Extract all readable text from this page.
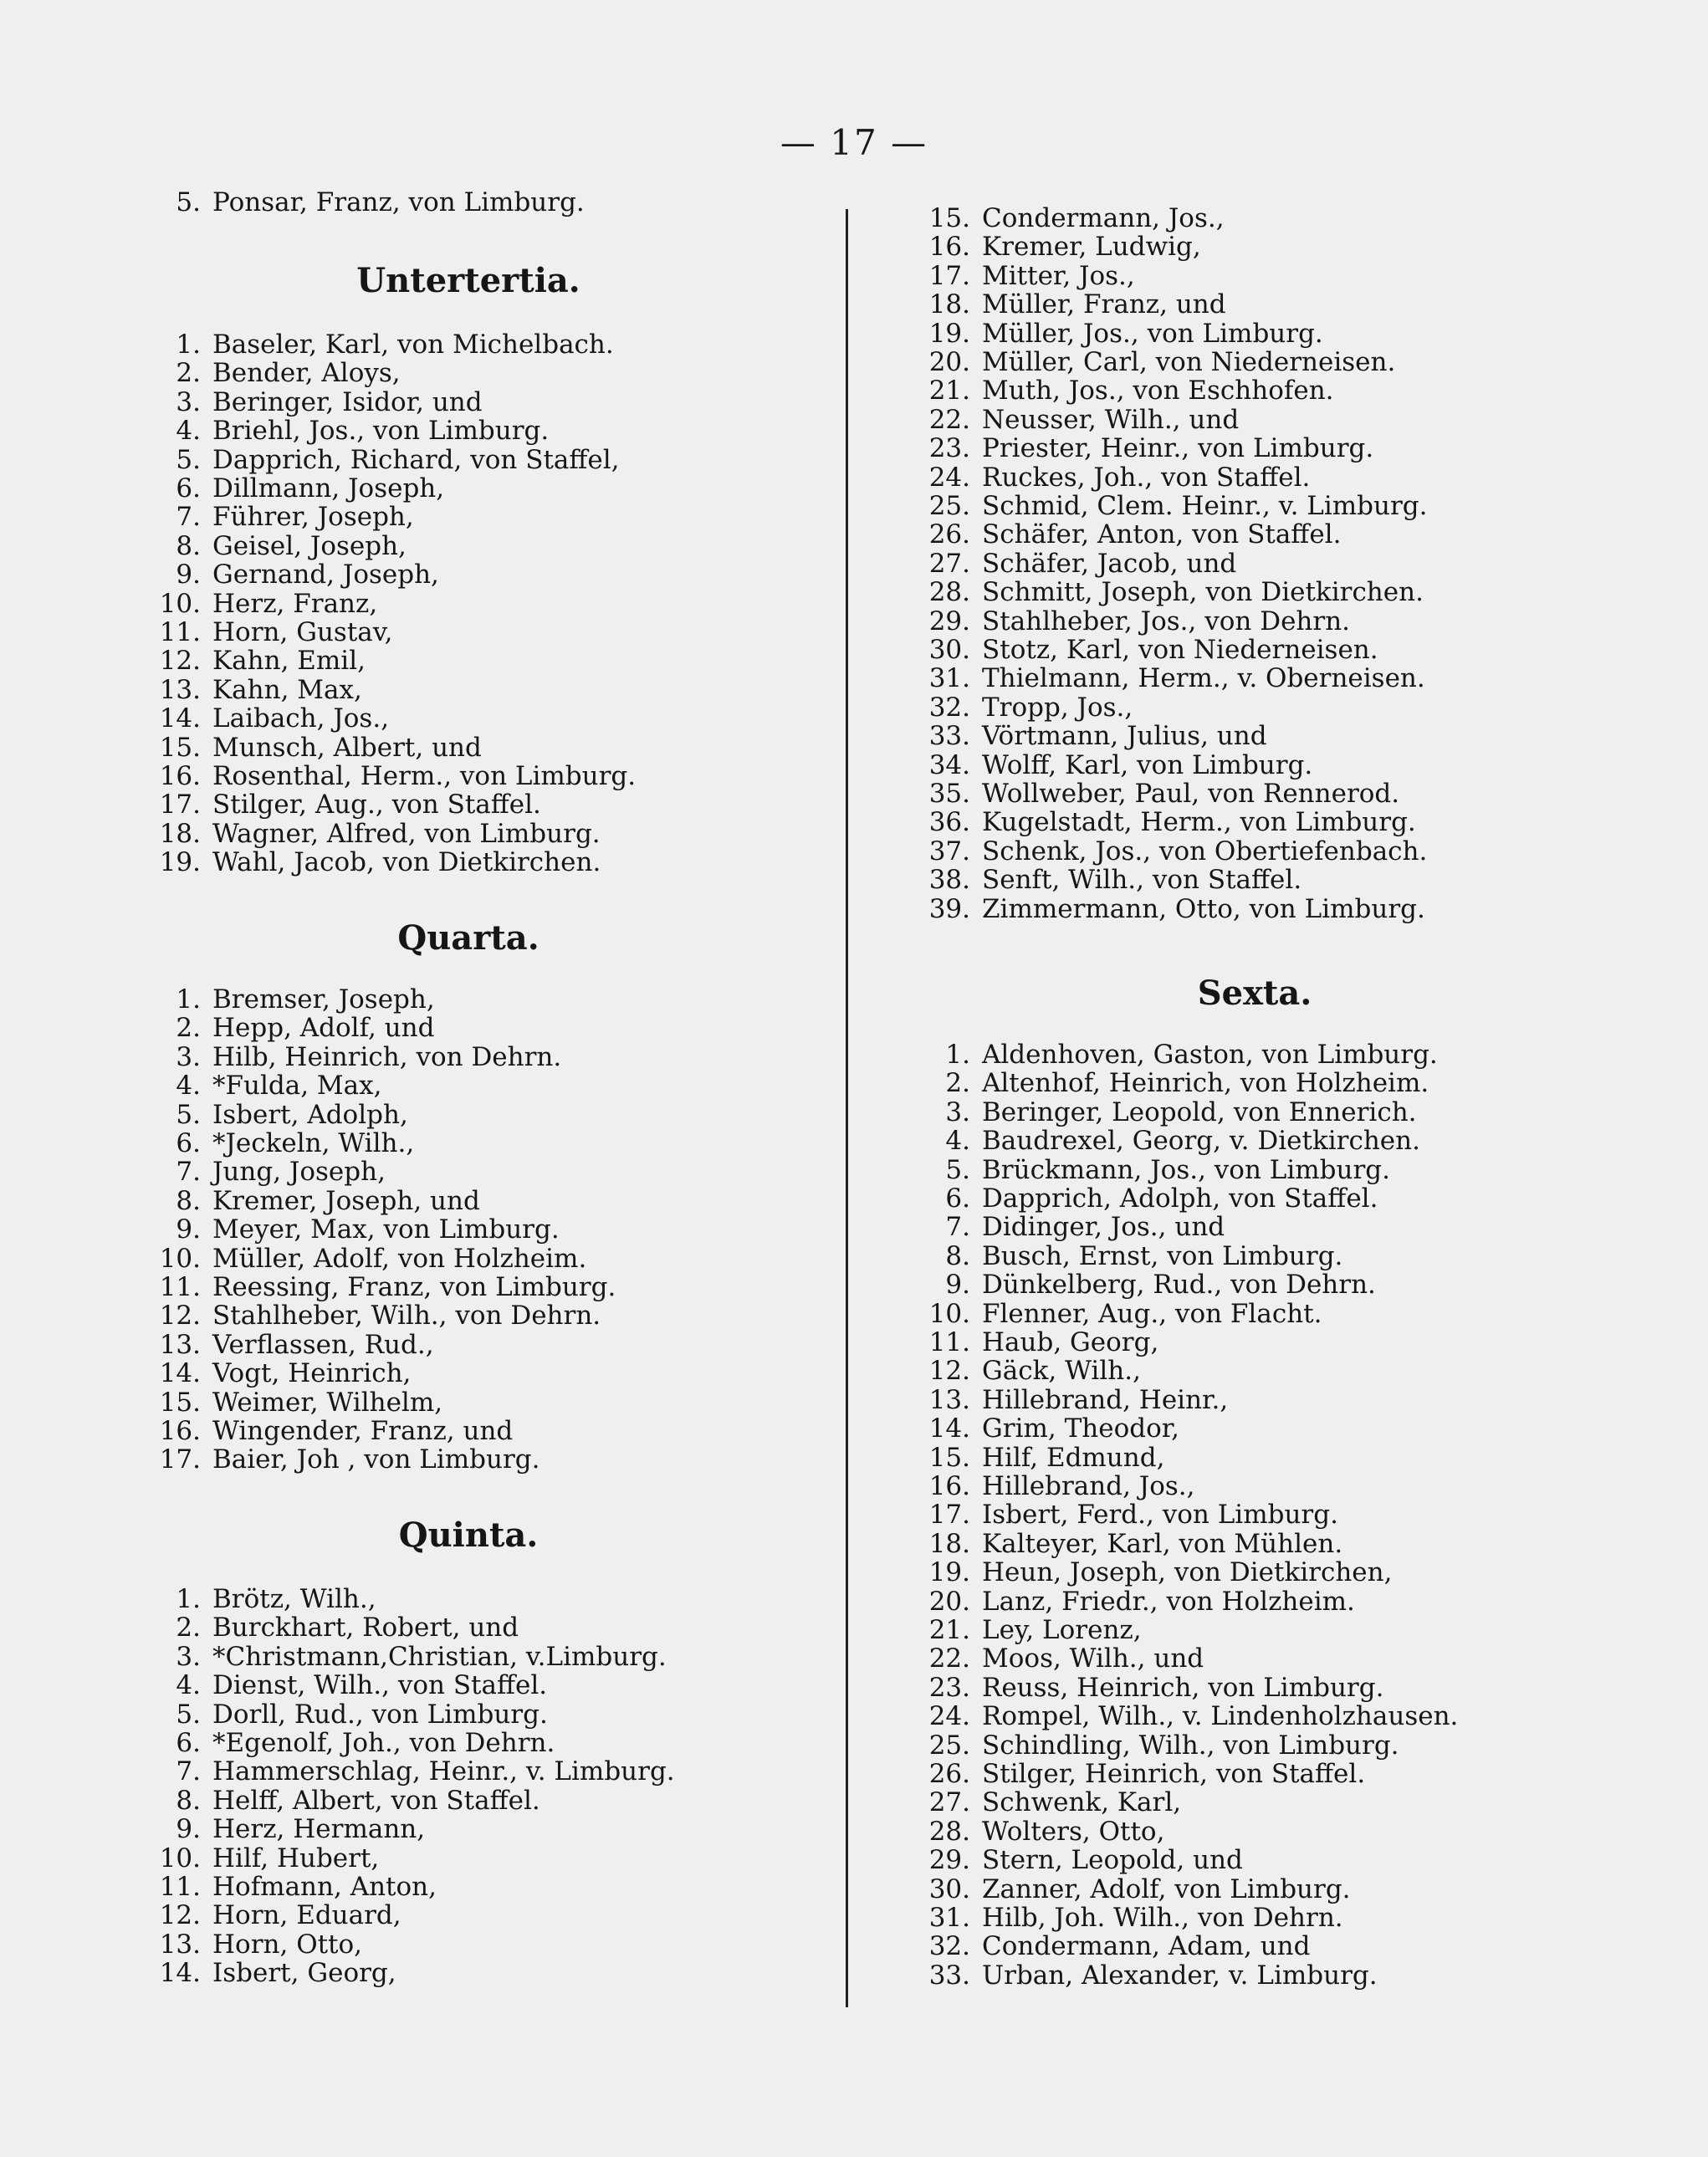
— 17 —
5. Ponsar, Franz, von Limburg.
Untertertia.
1. Baseler, Karl, von Michelbach.
2. Bender, Aloys,
3. Beringer, Isidor, und
4. Briehl, Jos., von Limburg.
5. Dapprich, Richard, von Staffel,
6. Dillmann, Joseph,
7. Führer, Joseph,
8. Geisel, Joseph,
9. Gernand, Joseph,
10. Herz, Franz,
11. Horn, Gustav,
12. Kahn, Emil,
13. Kahn, Max,
14. Laibach, Jos.,
15. Munsch, Albert, und
16. Rosenthal, Herm., von Limburg.
17. Stilger, Aug., von Staffel.
18. Wagner, Alfred, von Limburg.
19. Wahl, Jacob, von Dietkirchen.
Quarta.
1. Bremser, Joseph,
2. Hepp, Adolf, und
3. Hilb, Heinrich, von Dehrn.
4. *Fulda, Max,
5. Isbert, Adolph,
6. *Jeckeln, Wilh.,
7. Jung, Joseph,
8. Kremer, Joseph, und
9. Meyer, Max, von Limburg.
10. Müller, Adolf, von Holzheim.
11. Reessing, Franz, von Limburg.
12. Stahlheber, Wilh., von Dehrn.
13. Verflassen, Rud.,
14. Vogt, Heinrich,
15. Weimer, Wilhelm,
16. Wingender, Franz, und
17. Baier, Joh , von Limburg.
Quinta.
1. Brötz, Wilh.,
2. Burckhart, Robert, und
3. *Christmann,Christian, v.Limburg.
4. Dienst, Wilh., von Staffel.
5. Dorll, Rud., von Limburg.
6. *Egenolf, Joh., von Dehrn.
7. Hammerschlag, Heinr., v. Limburg.
8. Helff, Albert, von Staffel.
9. Herz, Hermann,
10. Hilf, Hubert,
11. Hofmann, Anton,
12. Horn, Eduard,
13. Horn, Otto,
14. Isbert, Georg,
15. Condermann, Jos.,
16. Kremer, Ludwig,
17. Mitter, Jos.,
18. Müller, Franz, und
19. Müller, Jos., von Limburg.
20. Müller, Carl, von Niederneisen.
21. Muth, Jos., von Eschhofen.
22. Neusser, Wilh., und
23. Priester, Heinr., von Limburg.
24. Ruckes, Joh., von Staffel.
25. Schmid, Clem. Heinr., v. Limburg.
26. Schäfer, Anton, von Staffel.
27. Schäfer, Jacob, und
28. Schmitt, Joseph, von Dietkirchen.
29. Stahlheber, Jos., von Dehrn.
30. Stotz, Karl, von Niederneisen.
31. Thielmann, Herm., v. Oberneisen.
32. Tropp, Jos.,
33. Vörtmann, Julius, und
34. Wolff, Karl, von Limburg.
35. Wollweber, Paul, von Rennerod.
36. Kugelstadt, Herm., von Limburg.
37. Schenk, Jos., von Obertiefenbach.
38. Senft, Wilh., von Staffel.
39. Zimmermann, Otto, von Limburg.
Sexta.
1. Aldenhoven, Gaston, von Limburg.
2. Altenhof, Heinrich, von Holzheim.
3. Beringer, Leopold, von Ennerich.
4. Baudrexel, Georg, v. Dietkirchen.
5. Brückmann, Jos., von Limburg.
6. Dapprich, Adolph, von Staffel.
7. Didinger, Jos., und
8. Busch, Ernst, von Limburg.
9. Dünkelberg, Rud., von Dehrn.
10. Flenner, Aug., von Flacht.
11. Haub, Georg,
12. Gäck, Wilh.,
13. Hillebrand, Heinr.,
14. Grim, Theodor,
15. Hilf, Edmund,
16. Hillebrand, Jos.,
17. Isbert, Ferd., von Limburg.
18. Kalteyer, Karl, von Mühlen.
19. Heun, Joseph, von Dietkirchen,
20. Lanz, Friedr., von Holzheim.
21. Ley, Lorenz,
22. Moos, Wilh., und
23. Reuss, Heinrich, von Limburg.
24. Rompel, Wilh., v. Lindenholzhausen.
25. Schindling, Wilh., von Limburg.
26. Stilger, Heinrich, von Staffel.
27. Schwenk, Karl,
28. Wolters, Otto,
29. Stern, Leopold, und
30. Zanner, Adolf, von Limburg.
31. Hilb, Joh. Wilh., von Dehrn.
32. Condermann, Adam, und
33. Urban, Alexander, v. Limburg.
